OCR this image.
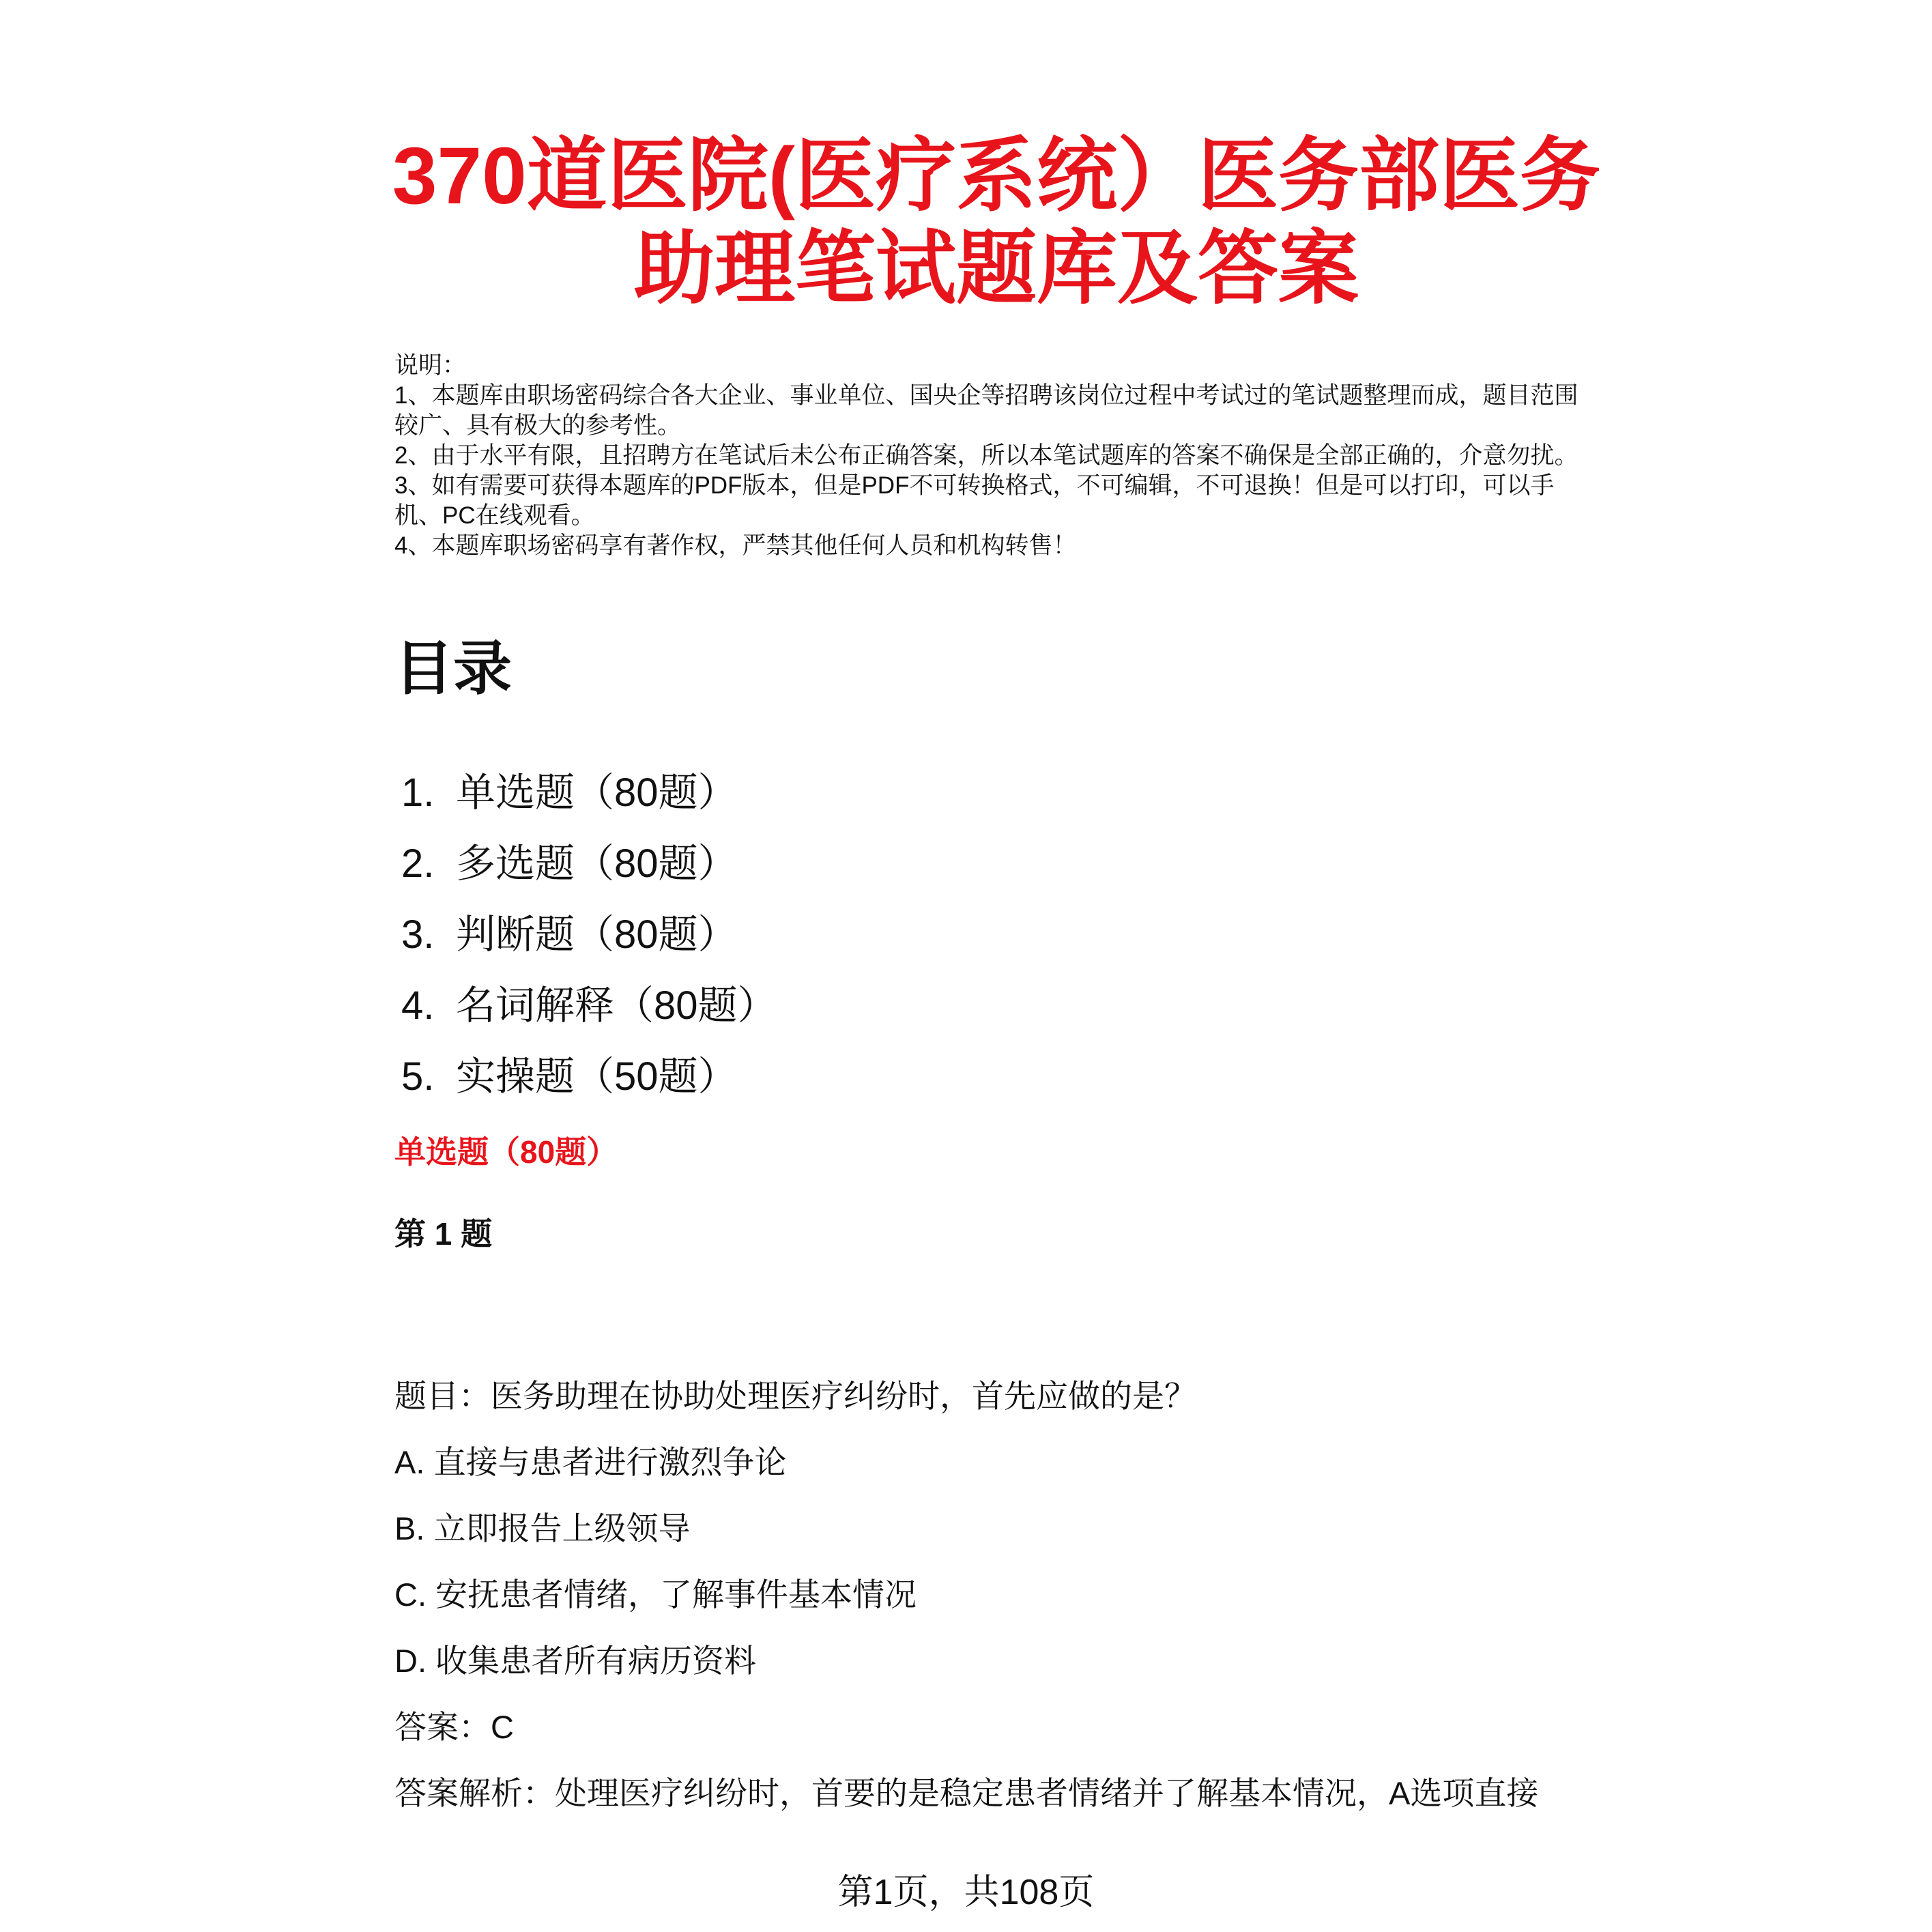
370道医院(医疗系统）医务部医务
助理笔试题库及答案

说明：

1、本题库由职场密码综合各大企业、事业单位、国央企等招聘该岗位过程中考试过的笔试题整理而成，题目范围较广、具有极大的参考性。

2、由于水平有限，且招聘方在笔试后未公布正确答案，所以本笔试题库的答案不确保是全部正确的，介意勿扰。

3、如有需要可获得本题库的PDF版本，但是PDF不可转换格式，不可编辑，不可退换！但是可以打印，可以手机、PC在线观看。

4、本题库职场密码享有著作权，严禁其他任何人员和机构转售！

目录
1. 单选题（80题）
2. 多选题（80题）
3. 判断题（80题）
4. 名词解释（80题）
5. 实操题（50题）
单选题（80题）
第 1 题
题目：医务助理在协助处理医疗纠纷时，首先应做的是？
A. 直接与患者进行激烈争论
B. 立即报告上级领导
C. 安抚患者情绪，了解事件基本情况
D. 收集患者所有病历资料
答案：C
答案解析：处理医疗纠纷时，首要的是稳定患者情绪并了解基本情况，A选项直接
第1页，共108页
